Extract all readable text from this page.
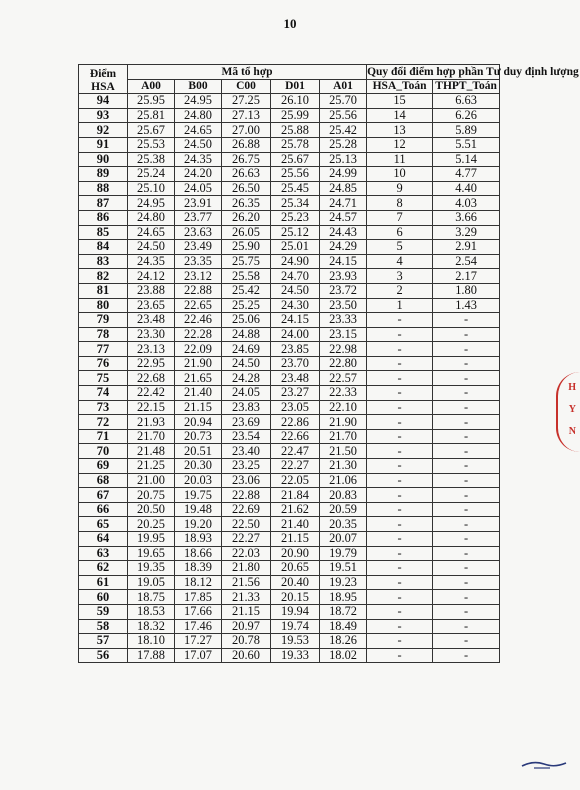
10
Điểm
HSA	Mã tổ hợp					Quy đổi điểm hợp phần Tư duy định lượng	
	A00	B00	C00	D01	A01	HSA_Toán	THPT_Toán
94	25.95	24.95	27.25	26.10	25.70	15	6.63
93	25.81	24.80	27.13	25.99	25.56	14	6.26
92	25.67	24.65	27.00	25.88	25.42	13	5.89
91	25.53	24.50	26.88	25.78	25.28	12	5.51
90	25.38	24.35	26.75	25.67	25.13	11	5.14
89	25.24	24.20	26.63	25.56	24.99	10	4.77
88	25.10	24.05	26.50	25.45	24.85	9	4.40
87	24.95	23.91	26.35	25.34	24.71	8	4.03
86	24.80	23.77	26.20	25.23	24.57	7	3.66
85	24.65	23.63	26.05	25.12	24.43	6	3.29
84	24.50	23.49	25.90	25.01	24.29	5	2.91
83	24.35	23.35	25.75	24.90	24.15	4	2.54
82	24.12	23.12	25.58	24.70	23.93	3	2.17
81	23.88	22.88	25.42	24.50	23.72	2	1.80
80	23.65	22.65	25.25	24.30	23.50	1	1.43
79	23.48	22.46	25.06	24.15	23.33	-	-
78	23.30	22.28	24.88	24.00	23.15	-	-
77	23.13	22.09	24.69	23.85	22.98	-	-
76	22.95	21.90	24.50	23.70	22.80	-	-
75	22.68	21.65	24.28	23.48	22.57	-	-
74	22.42	21.40	24.05	23.27	22.33	-	-
73	22.15	21.15	23.83	23.05	22.10	-	-
72	21.93	20.94	23.69	22.86	21.90	-	-
71	21.70	20.73	23.54	22.66	21.70	-	-
70	21.48	20.51	23.40	22.47	21.50	-	-
69	21.25	20.30	23.25	22.27	21.30	-	-
68	21.00	20.03	23.06	22.05	21.06	-	-
67	20.75	19.75	22.88	21.84	20.83	-	-
66	20.50	19.48	22.69	21.62	20.59	-	-
65	20.25	19.20	22.50	21.40	20.35	-	-
64	19.95	18.93	22.27	21.15	20.07	-	-
63	19.65	18.66	22.03	20.90	19.79	-	-
62	19.35	18.39	21.80	20.65	19.51	-	-
61	19.05	18.12	21.56	20.40	19.23	-	-
60	18.75	17.85	21.33	20.15	18.95	-	-
59	18.53	17.66	21.15	19.94	18.72	-	-
58	18.32	17.46	20.97	19.74	18.49	-	-
57	18.10	17.27	20.78	19.53	18.26	-	-
56	17.88	17.07	20.60	19.33	18.02	-	-
H
Y
N
